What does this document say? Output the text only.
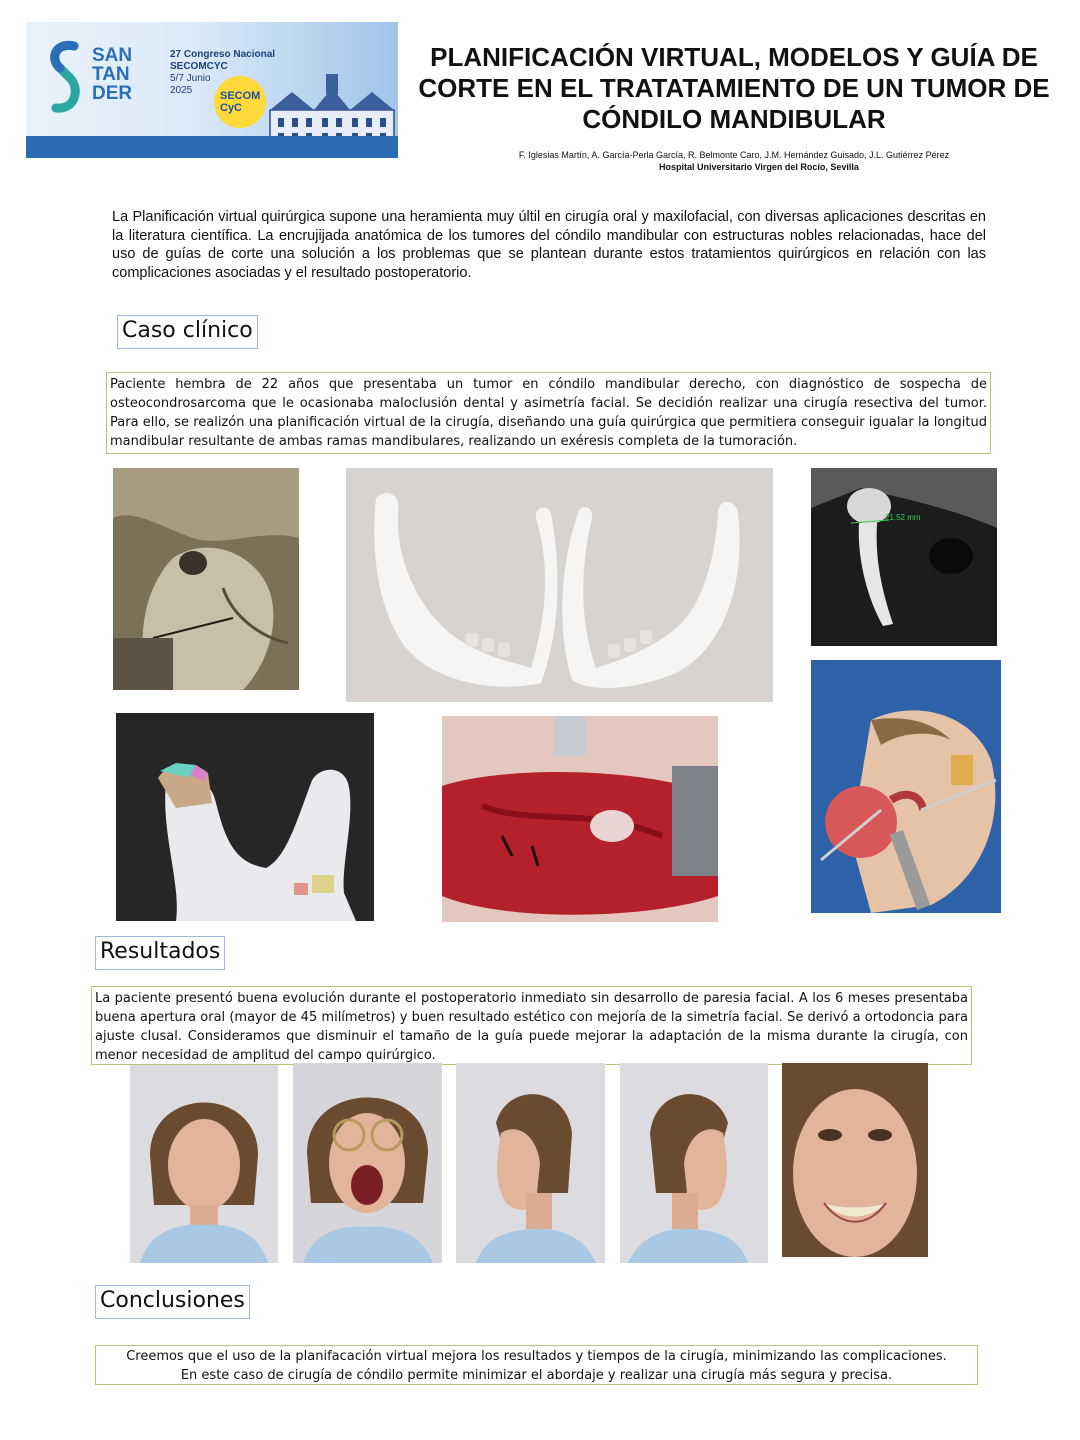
SAN
TAN
DER
27 Congreso Nacional
SECOMCYC
5/7 Junio
2025	SECOM
CyC
PLANIFICACIÓN VIRTUAL, MODELOS Y GUÍA DE CORTE EN EL TRATATAMIENTO DE UN TUMOR DE CÓNDILO MANDIBULAR
F. Iglesias Martín, A. García-Perla García, R. Belmonte Caro, J.M. Hernández Guisado, J.L. Gutiérrez Pérez
Hospital Universitario Virgen del Rocío, Sevilla
La Planificación virtual quirúrgica supone una heramienta muy últil en cirugía oral y maxilofacial, con diversas aplicaciones descritas en la literatura científica. La encrujijada anatómica de los tumores del cóndilo mandibular con estructuras nobles relacionadas, hace del uso de guías de corte una solución a los problemas que se plantean durante estos tratamientos quirúrgicos en relación con las complicaciones asociadas y el resultado postoperatorio.
Caso clínico
Paciente hembra de 22 años que presentaba un tumor en cóndilo mandibular derecho, con diagnóstico de sospecha de osteocondrosarcoma que le ocasionaba maloclusión dental y asimetría facial. Se decidión realizar una cirugía resectiva del tumor. Para ello, se realizón una planificación virtual de la cirugía, diseñando una guía quirúrgica que permitiera conseguir igualar la longitud mandibular resultante de ambas ramas mandibulares, realizando un exéresis completa de la tumoración.
21.52 mm
Resultados
La paciente presentó buena evolución durante el postoperatorio inmediato sin desarrollo de paresia facial. A los 6 meses presentaba buena apertura oral (mayor de 45 milímetros) y buen resultado estético con mejoría de la simetría facial. Se derivó a ortodoncia para ajuste clusal. Consideramos que disminuir el tamaño de la guía puede mejorar la adaptación de la misma durante la cirugía, con menor necesidad de amplitud del campo quirúrgico.
Conclusiones
Creemos que el uso de la planifacación virtual mejora los resultados y tiempos de la cirugía, minimizando las complicaciones.
En este caso de cirugía de cóndilo permite minimizar el abordaje y realizar una cirugía más segura y precisa.
